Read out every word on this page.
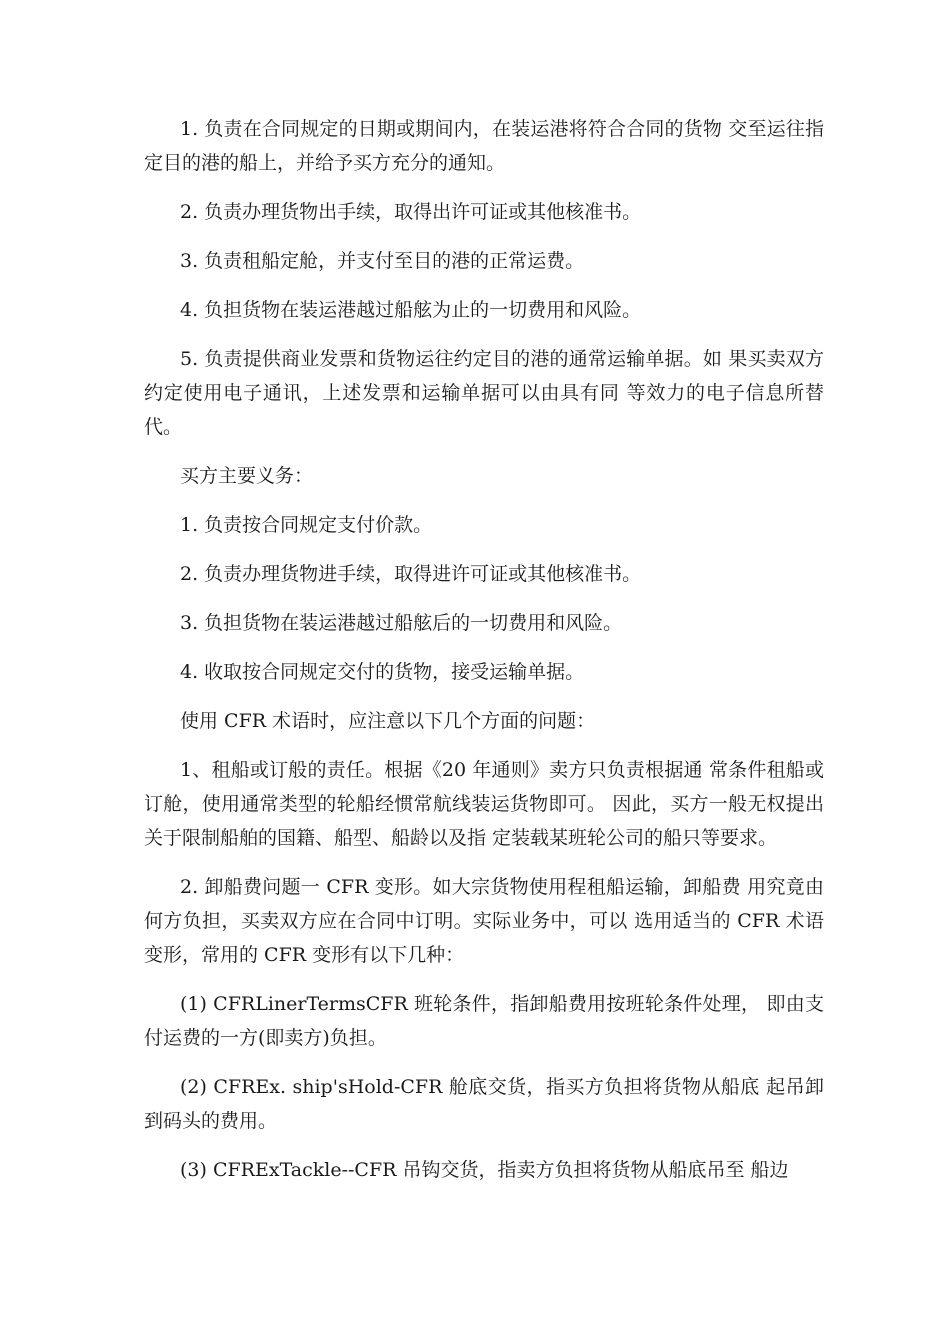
1. 负责在合同规定的日期或期间内，在装运港将符合合同的货物 交至运往指定目的港的船上，并给予买方充分的通知。

2. 负责办理货物出手续，取得出许可证或其他核准书。

3. 负责租船定舱，并支付至目的港的正常运费。

4. 负担货物在装运港越过船舷为止的一切费用和风险。

5. 负责提供商业发票和货物运往约定目的港的通常运输单据。如 果买卖双方约定使用电子通讯，上述发票和运输单据可以由具有同 等效力的电子信息所替代。

买方主要义务：

1. 负责按合同规定支付价款。

2. 负责办理货物进手续，取得进许可证或其他核准书。

3. 负担货物在装运港越过船舷后的一切费用和风险。

4. 收取按合同规定交付的货物，接受运输单据。

使用 CFR 术语时，应注意以下几个方面的问题：

1、租船或订般的责任。根据《20 年通则》卖方只负责根据通 常条件租船或订舱，使用通常类型的轮船经惯常航线装运货物即可。 因此，买方一般无权提出关于限制船舶的国籍、船型、船龄以及指 定装载某班轮公司的船只等要求。

2. 卸船费问题一 CFR 变形。如大宗货物使用程租船运输，卸船费 用究竟由何方负担，买卖双方应在合同中订明。实际业务中，可以 选用适当的 CFR 术语变形，常用的 CFR 变形有以下几种：

(1) CFRLinerTermsCFR 班轮条件，指卸船费用按班轮条件处理， 即由支付运费的一方(即卖方)负担。

(2) CFREx. ship'sHold-CFR 舱底交货，指买方负担将货物从船底 起吊卸到码头的费用。

(3) CFRExTackle--CFR 吊钩交货，指卖方负担将货物从船底吊至 船边
